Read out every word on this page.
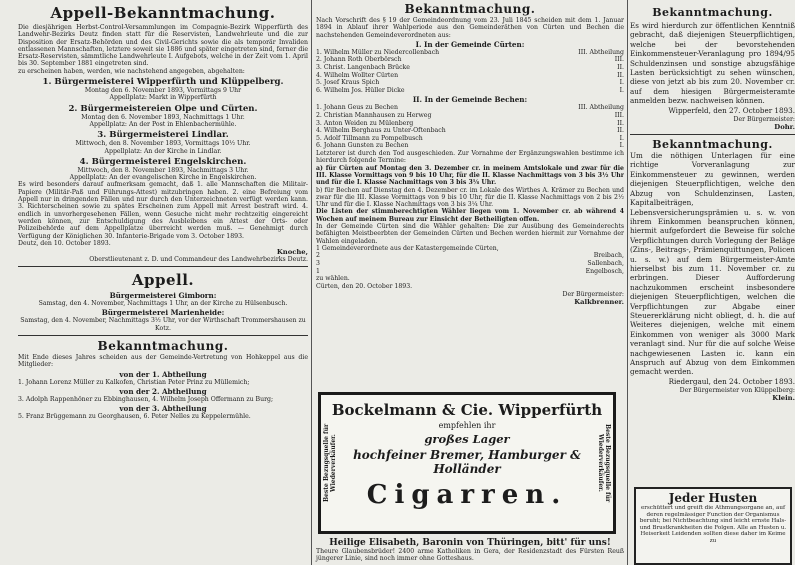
Appell-Bekanntmachung.

Die diesjährigen Herbst-Control-Versammlungen im Compagnie-Bezirk Wipperfürth des Landwehr-Bezirks Deutz finden statt für die Reservisten, Landwehrleute und die zur Disposition der Ersatz-Behörden und des Civil-Gerichts sowie die als temporär Invaliden entlassenen Mannschaften, letztere soweit sie 1886 und später eingetreten sind, ferner die Ersatz-Reservisten, sämmtliche Landwehrleute I. Aufgebots, welche in der Zeit vom 1. April bis 30. September 1881 eingetreten sind.

zu erscheinen haben, werden, wie nachstehend angegeben, abgehalten:

1. Bürgermeisterei Wipperfürth und Klüppelberg.

Montag den 6. November 1893, Vormittags 9 Uhr

Appellplatz: Markt in Wipperfürth

2. Bürgermeistereien Olpe und Cürten.

Montag den 6. November 1893, Nachmittags 1 Uhr.

Appellplatz: An der Post in Ehlenbachermühle.

3. Bürgermeisterei Lindlar.

Mittwoch, den 8. November 1893, Vormittags 10½ Uhr.

Appellplatz: An der Kirche in Lindlar.

4. Bürgermeisterei Engelskirchen.

Mittwoch, den 8. November 1893, Nachmittags 3 Uhr.

Appellplatz: An der evangelischen Kirche in Engelskirchen.

Es wird besonders darauf aufmerksam gemacht, daß 1. alle Mannschaften die Militair-Papiere (Militär-Paß und Führungs-Attest) mitzubringen haben. 2. eine Befreiung vom Appell nur in dringenden Fällen und nur durch den Unterzeichneten verfügt werden kann. 3. Richterscheinen sowie zu spätes Erscheinen zum Appell mit Arrest bestraft wird. 4. endlich in unvorhergesehenen Fällen, wenn Gesuche nicht mehr rechtzeitig eingereicht werden können, zur Entschuldigung des Ausbleibens ein Attest der Orts- oder Polizeibehörde auf dem Appellplatze überreicht werden muß. — Genehmigt durch Verfügung der Königlichen 30. Infanterie-Brigade vom 3. October 1893.

Deutz, den 10. October 1893.

Knoche,
Oberstlieutenant z. D. und Commandeur des Landwehrbezirks Deutz.
Appell.
Bürgermeisterei Gimborn:

Samstag, den 4. November, Nachmittags 1 Uhr, an der Kirche zu Hülsenbusch.

Bürgermeisterei Marienheide:

Samstag, den 4. November, Nachmittags 3½ Uhr, vor der Wirthschaft Trommershausen zu Kotz.

Bekanntmachung.

Mit Ende dieses Jahres scheiden aus der Gemeinde-Vertretung von Hohkeppel aus die Mitglieder:

von der 1. Abtheilung

1. Johann Lorenz Müller zu Kalkofen, Christian Peter Prinz zu Müllemich;

von der 2. Abtheilung

3. Adolph Rappenhöner zu Ebbinghausen, 4. Wilhelm Joseph Offermann zu Burg;

von der 3. Abtheilung

5. Franz Brüggemann zu Georghausen, 6. Peter Nelles zu Keppelermühle.

Bekanntmachung.

Nach Vorschrift des § 19 der Gemeindeordnung vom 23. Juli 1845 scheiden mit dem 1. Januar 1894 in Ablauf ihrer Wahlperiode aus den Gemeinderäthen von Cürten und Bechen die nachstehenden Gemeindeverordneten aus:

I. In der Gemeinde Cürten:

1. Wilhelm Müller zu Niedercollenbach	III. Abtheilung

2. Johann Roth Oberbörsch	III.

3. Christ. Langenbach Brücke	II.

4. Wilhelm Wollter Cürten	II.

5. Josef Kraus Spich	I.

6. Wilhelm Jos. Hüller Dicke	I.

II. In der Gemeinde Bechen:

1. Johann Geus zu Bechen	III. Abtheilung

2. Christian Mannhausen zu Herweg	III.

3. Anton Weiden zu Mülenberg	II.

4. Wilhelm Berghaus zu Unter-Oftenbach	II.

5. Adolf Tillmann zu Pompelbusch	I.

6. Johann Gunsten zu Bechen	I.

Letzterer ist durch den Tod ausgeschieden. Zur Vornahme der Ergänzungswahlen bestimme ich hierdurch folgende Termine:

a) für Cürten auf Montag den 3. Dezember cr. in meinem Amtslokale und zwar für die III. Klasse Vormittags von 9 bis 10 Uhr, für die II. Klasse Nachmittags von 3 bis 3½ Uhr und für die I. Klasse Nachmittags von 3 bis 3¼ Uhr.

b) für Bechen auf Dienstag den 4. Dezember cr. im Lokale des Wirthes A. Krämer zu Bechen und zwar für die III. Klasse Vormittags von 9 bis 10 Uhr, für die II. Klasse Nachmittags von 2 bis 2½ Uhr und für die I. Klasse Nachmittags von 3 bis 3¼ Uhr.

Die Listen der stimmberechtigten Wähler liegen vom 1. November cr. ab während 4 Wochen auf meinem Bureau zur Einsicht der Betheiligten offen.

In der Gemeinde Cürten sind die Wähler gehalten: Die zur Ausübung des Gemeinderechts befähigten Meistbeerbten der Gemeinden Cürten und Bechen werden hiermit zur Vornahme der Wahlen eingeladen.

1 Gemeindeverordnete aus der Katastergemeinde Cürten,

2	Breibach,

3	Sallenbach,

1	Engelbosch,

zu wählen.

Cürten, den 20. October 1893.

Der Bürgermeister:
Kalkbrenner.
Beste Bezugsquelle für Wiederverkäufer.	Beste Bezugsquelle für Wiederverkäufer.
Bockelmann & Cie. Wipperfürth
empfehlen ihr
großes Lager
hochfeiner Bremer, Hamburger & Holländer
Cigarren.
Heilige Elisabeth, Baronin von Thüringen, bitt' für uns!

Theure Glaubensbrüder! 2400 arme Katholiken in Gera, der Residenzstadt des Fürsten Reuß jüngerer Linie, sind noch immer ohne Gotteshaus.

Bekanntmachung.

Es wird hierdurch zur öffentlichen Kenntniß gebracht, daß diejenigen Steuerpflichtigen, welche bei der bevorstehenden Einkommensteuer-Veranlagung pro 1894/95 Schuldenzinsen und sonstige abzugsfähige Lasten berücksichtigt zu sehen wünschen, diese von jetzt ab bis zum 20. November cr. auf dem hiesigen Bürgermeisteramte anmelden bezw. nachweisen können.

Wipperfeld, den 27. October 1893.

Der Bürgermeister:
Dohr.
Bekanntmachung.

Um die nöthigen Unterlagen für eine richtige Vorveranlagung zur Einkommensteuer zu gewinnen, werden diejenigen Steuerpflichtigen, welche den Abzug von Schuldenzinsen, Lasten, Kapitalbeiträgen, Lebensversicherungsprämien u. s. w. von ihrem Einkommen beanspruchen können, hiermit aufgefordert die Beweise für solche Verpflichtungen durch Vorlegung der Beläge (Zins-, Beitrags-, Prämienquittungen, Policen u. s. w.) auf dem Bürgermeister-Amte hierselbst bis zum 11. November cr. zu erbringen. Dieser Aufforderung nachzukommen erscheint insbesondere diejenigen Steuerpflichtigen, welchen die Verpflichtungen zur Abgabe einer Steuererklärung nicht obliegt, d. h. die auf Weiteres diejenigen, welche mit einem Einkommen von weniger als 3000 Mark veranlagt sind. Nur für die auf solche Weise nachgewiesenen Lasten ic. kann ein Anspruch auf Abzug von dem Einkommen gemacht werden.

Riedergaul, den 24. October 1893.

Der Bürgermeister von Klüppelberg:
Klein.
Jeder Husten

erschüttert und greift die Athmungsorgane an, auf deren regelmässiger Function der Organismus beruht; bei Nichtbeachtung sind leicht ernste Hals- und Brustkrankheiten die Folgen. Alle an Husten u. Heiserkeit Leidenden sollten diese daher im Keime zu
